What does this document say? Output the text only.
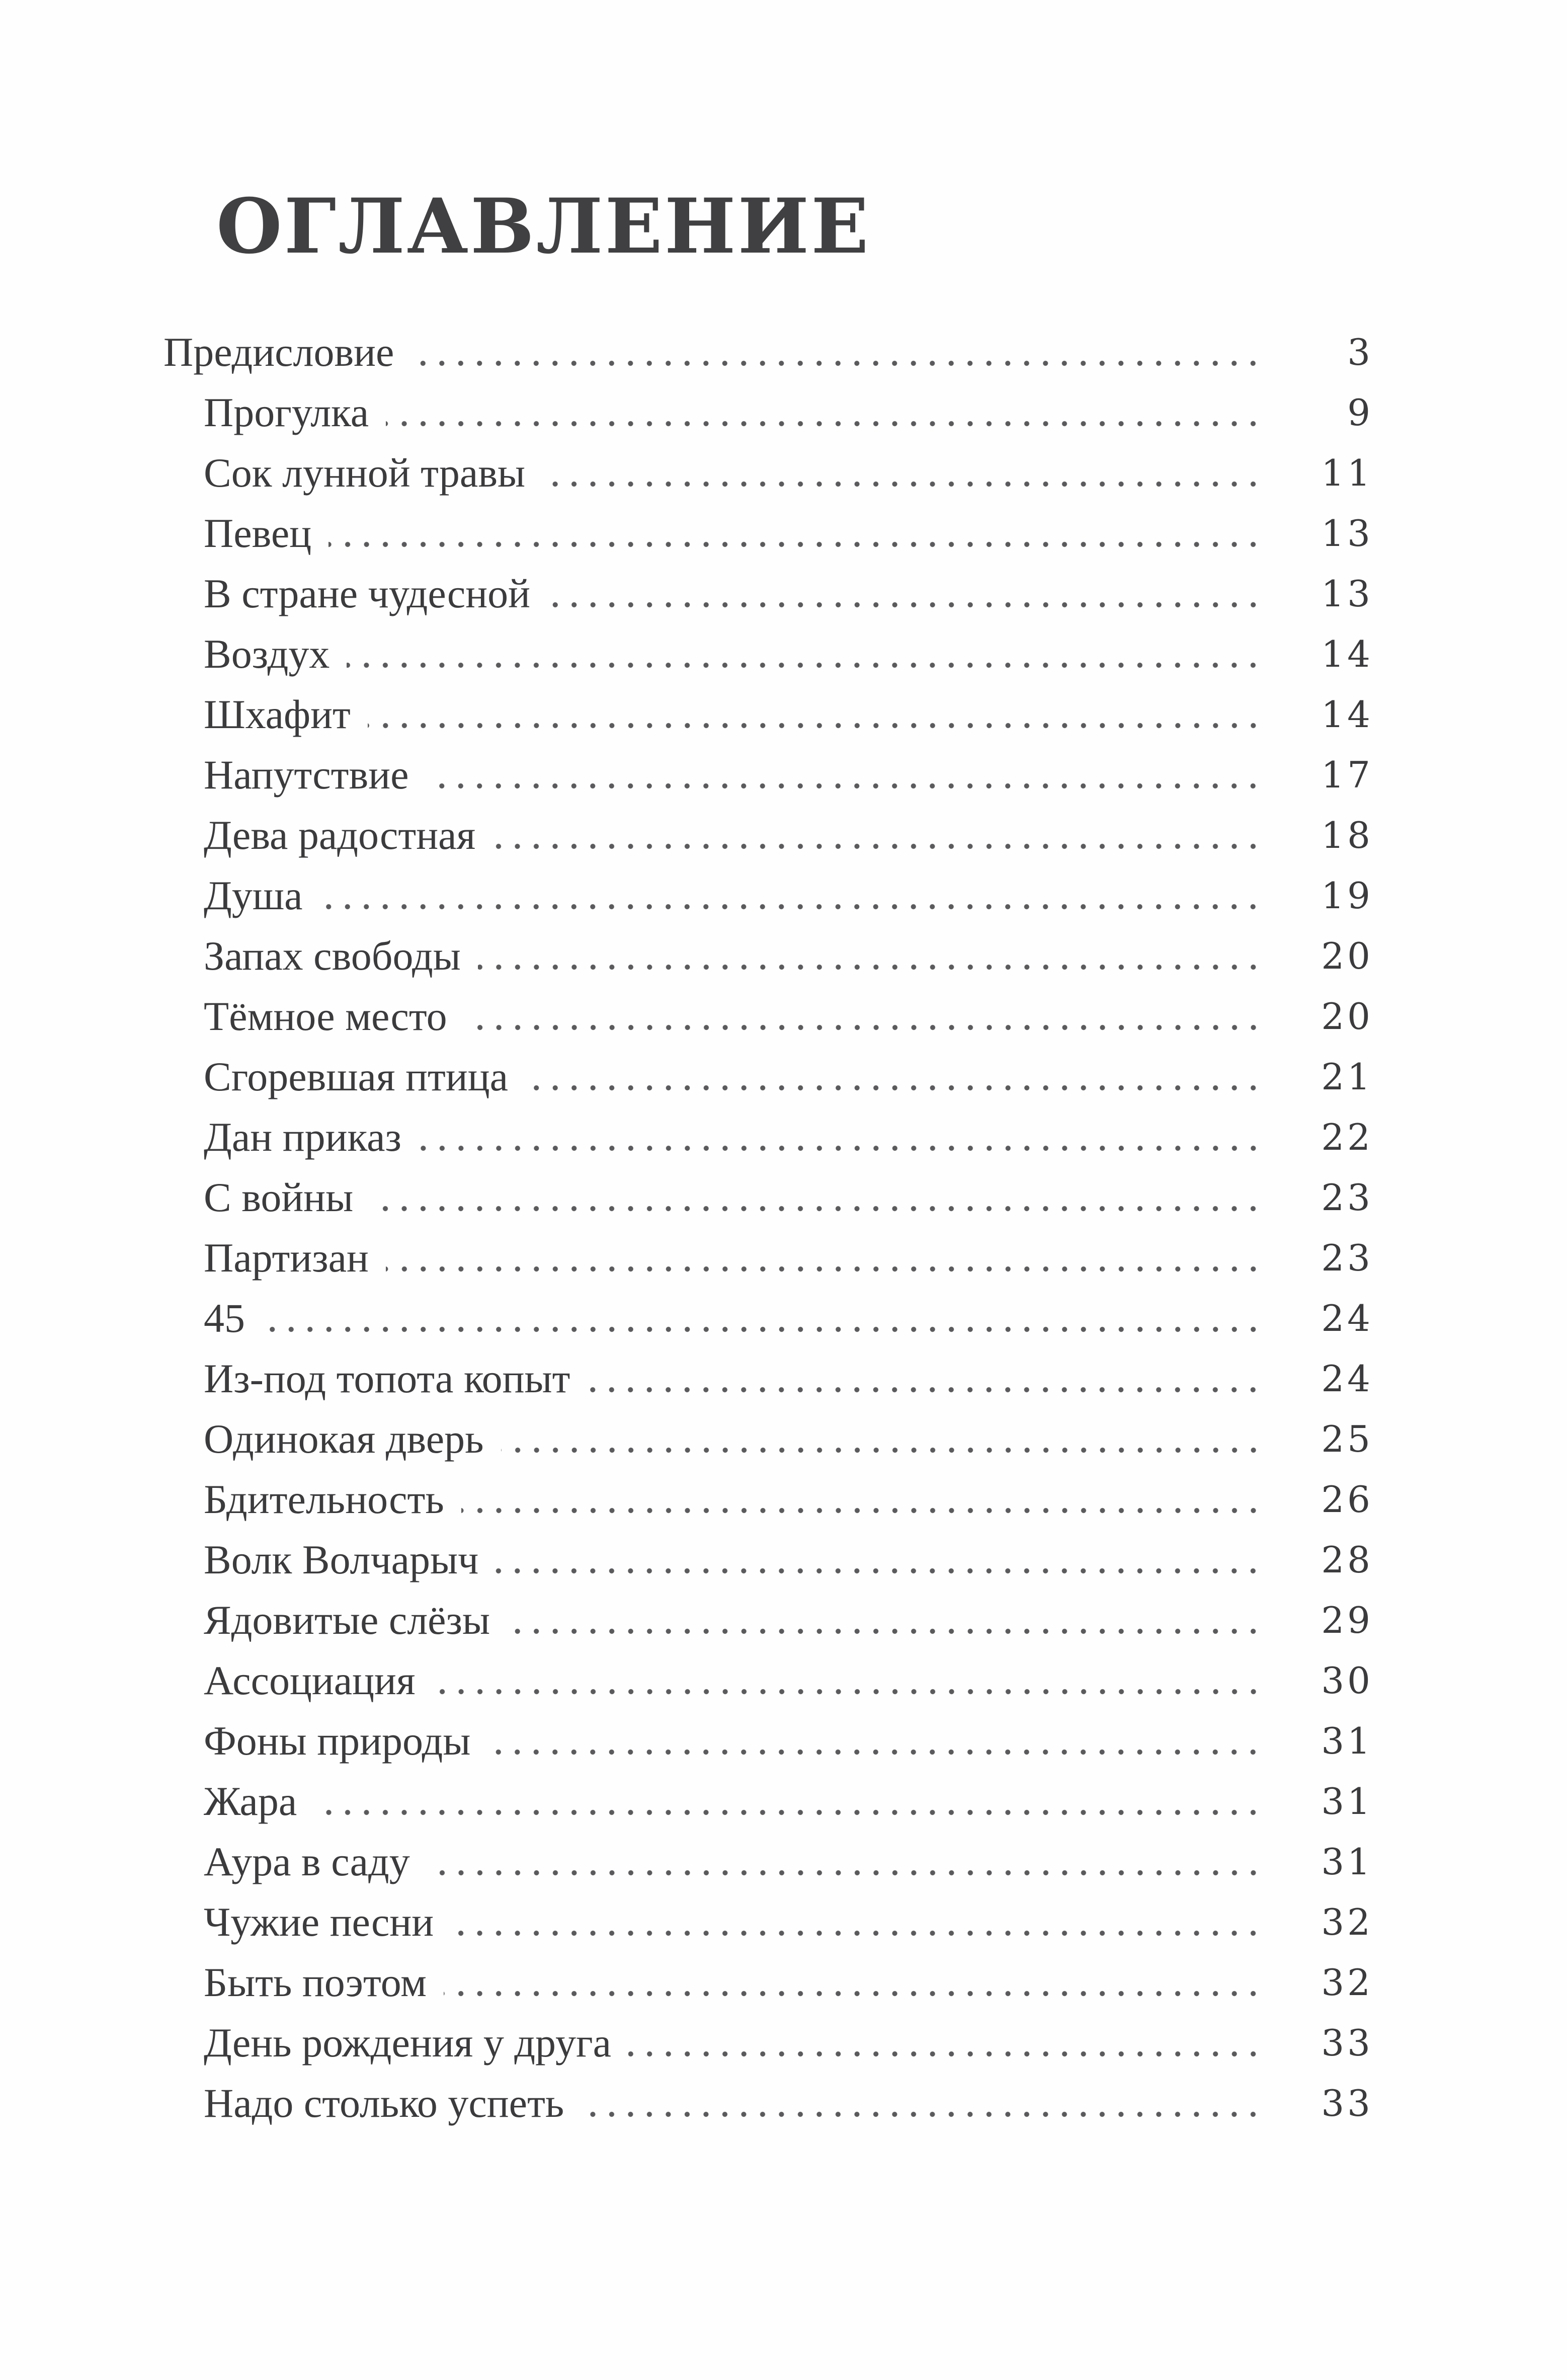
ОГЛАВЛЕНИЕ
Предисловие	3
Прогулка	9
Сок лунной травы	11
Певец	13
В стране чудесной	13
Воздух	14
Шхафит	14
Напутствие	17
Дева радостная	18
Душа	19
Запах свободы	20
Тёмное место	20
Сгоревшая птица	21
Дан приказ	22
С войны	23
Партизан	23
45	24
Из-под топота копыт	24
Одинокая дверь	25
Бдительность	26
Волк Волчарыч	28
Ядовитые слёзы	29
Ассоциация	30
Фоны природы	31
Жара	31
Аура в саду	31
Чужие песни	32
Быть поэтом	32
День рождения у друга	33
Надо столько успеть	33
